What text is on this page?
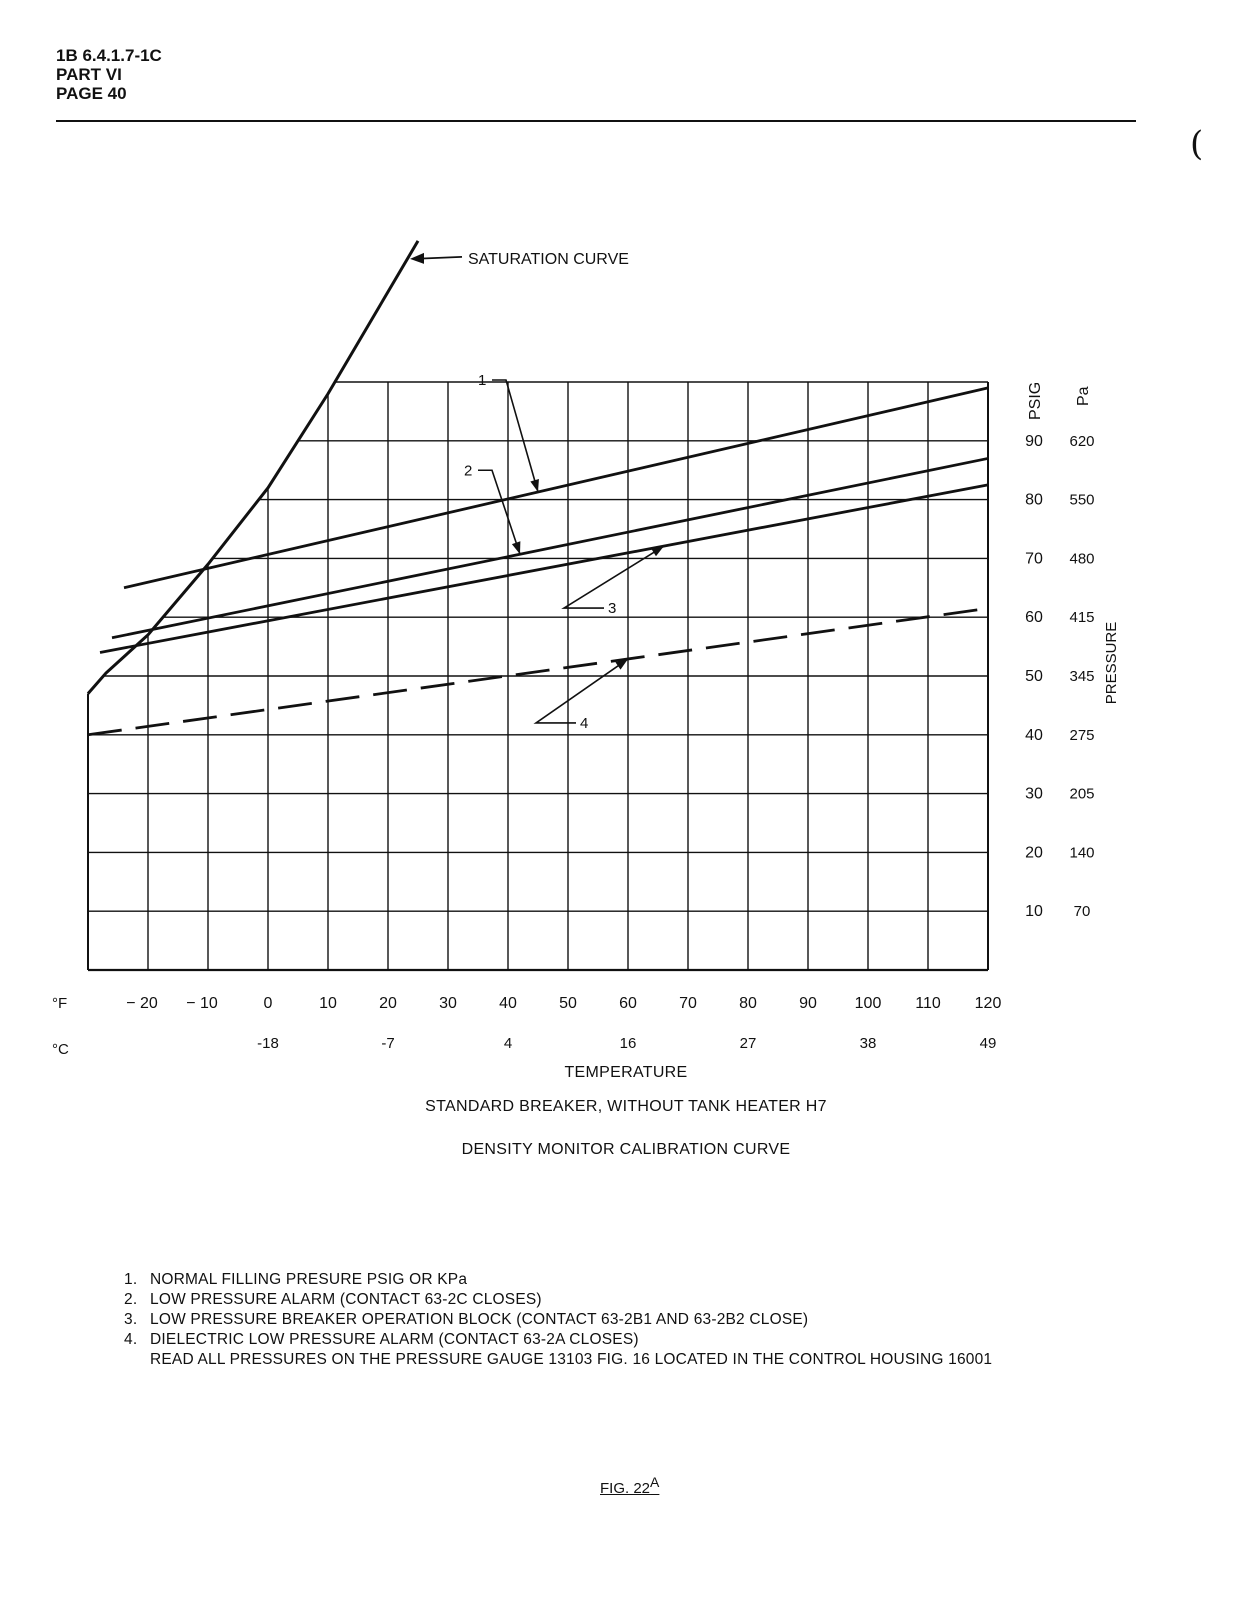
1B 6.4.1.7-1C
PART VI
PAGE 40
(
SATURATION CURVE
1
2
3
4
°F	− 20 − 10	0	10	20	30	40	50	60	70	80	90 100 110 120
°C	-18	-7	4	16	27	38	49
10 70
20 140
30 205
40 275
50 345
60 415
70 480
80 550
90 620
PSIG Pa
PRESSURE
TEMPERATURE
STANDARD BREAKER, WITHOUT TANK HEATER H7
DENSITY MONITOR CALIBRATION CURVE
1. NORMAL FILLING PRESURE PSIG OR KPa
2. LOW PRESSURE ALARM (CONTACT 63-2C CLOSES)
3. LOW PRESSURE BREAKER OPERATION BLOCK (CONTACT 63-2B1 AND 63-2B2 CLOSE)
4. DIELECTRIC LOW PRESSURE ALARM (CONTACT 63-2A CLOSES)
READ ALL PRESSURES ON THE PRESSURE GAUGE 13103 FIG. 16 LOCATED IN THE CONTROL HOUSING 16001
FIG. $22^A$
